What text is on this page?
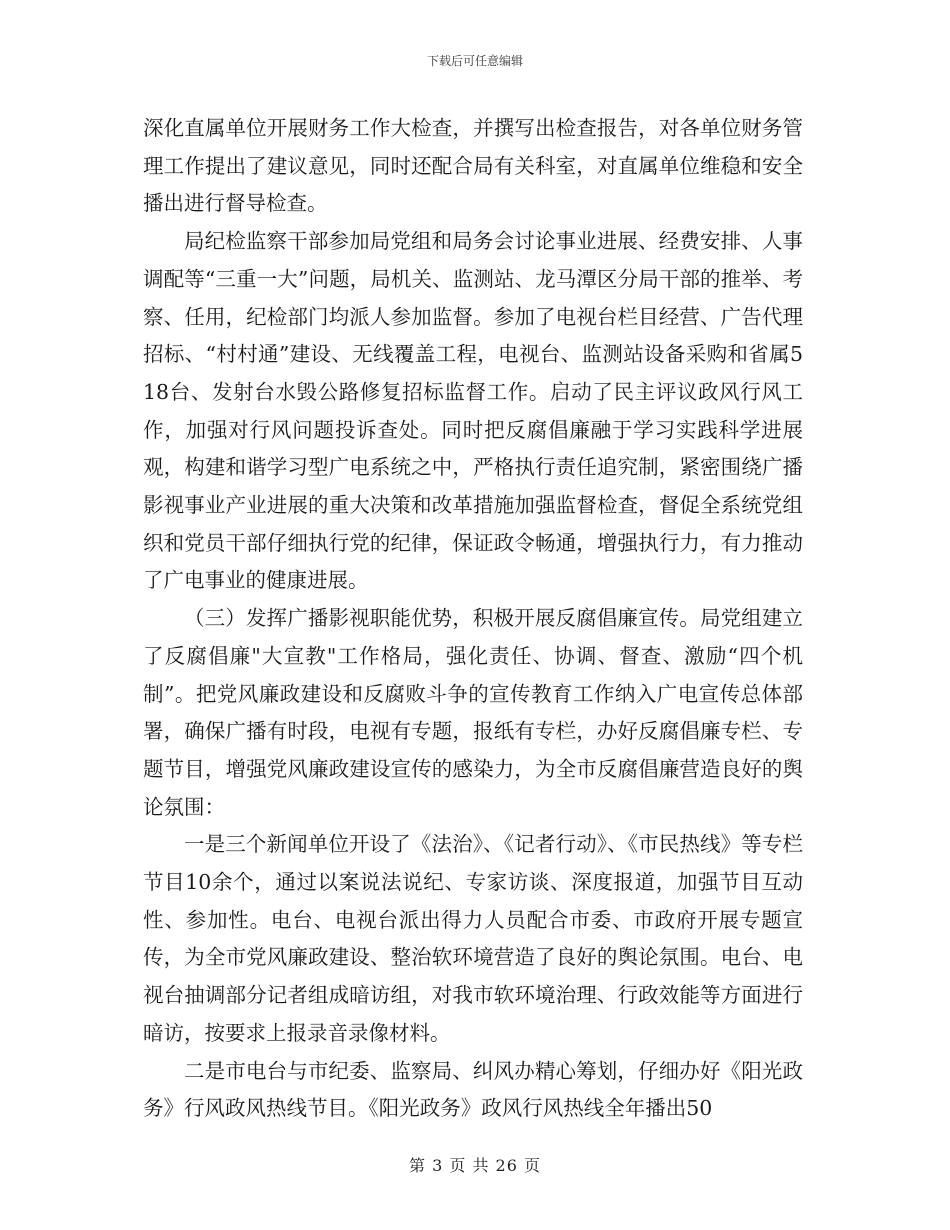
下载后可任意编辑

深化直属单位开展财务工作大检查，并撰写出检查报告，对各单位财务管理工作提出了建议意见，同时还配合局有关科室，对直属单位维稳和安全播出进行督导检查。

局纪检监察干部参加局党组和局务会讨论事业进展、经费安排、人事调配等“三重一大”问题，局机关、监测站、龙马潭区分局干部的推举、考察、任用，纪检部门均派人参加监督。参加了电视台栏目经营、广告代理招标、“村村通”建设、无线覆盖工程，电视台、监测站设备采购和省属518台、发射台水毁公路修复招标监督工作。启动了民主评议政风行风工作，加强对行风问题投诉查处。同时把反腐倡廉融于学习实践科学进展观，构建和谐学习型广电系统之中，严格执行责任追究制，紧密围绕广播影视事业产业进展的重大决策和改革措施加强监督检查，督促全系统党组织和党员干部仔细执行党的纪律，保证政令畅通，增强执行力，有力推动了广电事业的健康进展。

（三）发挥广播影视职能优势，积极开展反腐倡廉宣传。局党组建立了反腐倡廉"大宣教"工作格局，强化责任、协调、督查、激励“四个机制”。把党风廉政建设和反腐败斗争的宣传教育工作纳入广电宣传总体部署，确保广播有时段，电视有专题，报纸有专栏，办好反腐倡廉专栏、专题节目，增强党风廉政建设宣传的感染力，为全市反腐倡廉营造良好的舆论氛围：

一是三个新闻单位开设了《法治》、《记者行动》、《市民热线》等专栏节目10余个，通过以案说法说纪、专家访谈、深度报道，加强节目互动性、参加性。电台、电视台派出得力人员配合市委、市政府开展专题宣传，为全市党风廉政建设、整治软环境营造了良好的舆论氛围。电台、电视台抽调部分记者组成暗访组，对我市软环境治理、行政效能等方面进行暗访，按要求上报录音录像材料。

二是市电台与市纪委、监察局、纠风办精心筹划，仔细办好《阳光政务》行风政风热线节目。《阳光政务》政风行风热线全年播出50

第 3 页 共 26 页
